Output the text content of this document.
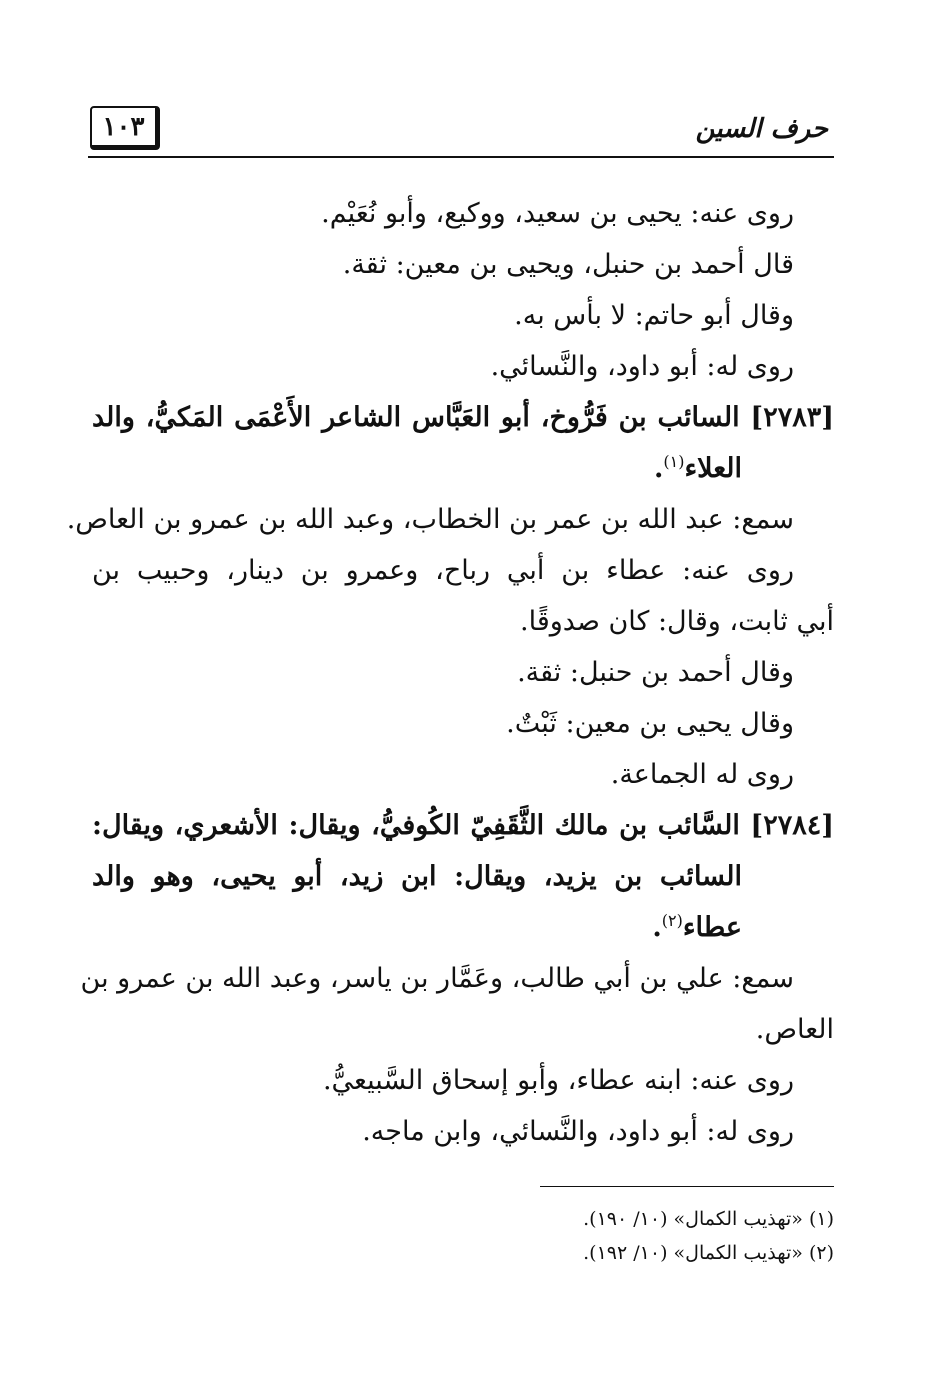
١٠٣	حرف السين
روى عنه: يحيى بن سعيد، ووكيع، وأبو نُعَيْم.
قال أحمد بن حنبل، ويحيى بن معين: ثقة.
وقال أبو حاتم: لا بأس به.
روى له: أبو داود، والنَّسائي.
[٢٧٨٣] السائب بن فَرُّوخ، أبو العَبَّاس الشاعر الأَعْمَى المَكيُّ، والد
العلاء$^{(١)}$.
سمع: عبد الله بن عمر بن الخطاب، وعبد الله بن عمرو بن العاص.
روى عنه: عطاء بن أبي رباح، وعمرو بن دينار، وحبيب بن
أبي ثابت، وقال: كان صدوقًا.
وقال أحمد بن حنبل: ثقة.
وقال يحيى بن معين: ثَبْتٌ.
روى له الجماعة.
[٢٧٨٤] السَّائب بن مالك الثَّقَفِيّ الكُوفيُّ، ويقال: الأشعري، ويقال:
السائب بن يزيد، ويقال: ابن زيد، أبو يحيى، وهو والد
عطاء$^{(٢)}$.
سمع: علي بن أبي طالب، وعَمَّار بن ياسر، وعبد الله بن عمرو بن
العاص.
روى عنه: ابنه عطاء، وأبو إسحاق السَّبيعيُّ.
روى له: أبو داود، والنَّسائي، وابن ماجه.
(١) «تهذيب الكمال» (١٠/ ١٩٠).
(٢) «تهذيب الكمال» (١٠/ ١٩٢).
